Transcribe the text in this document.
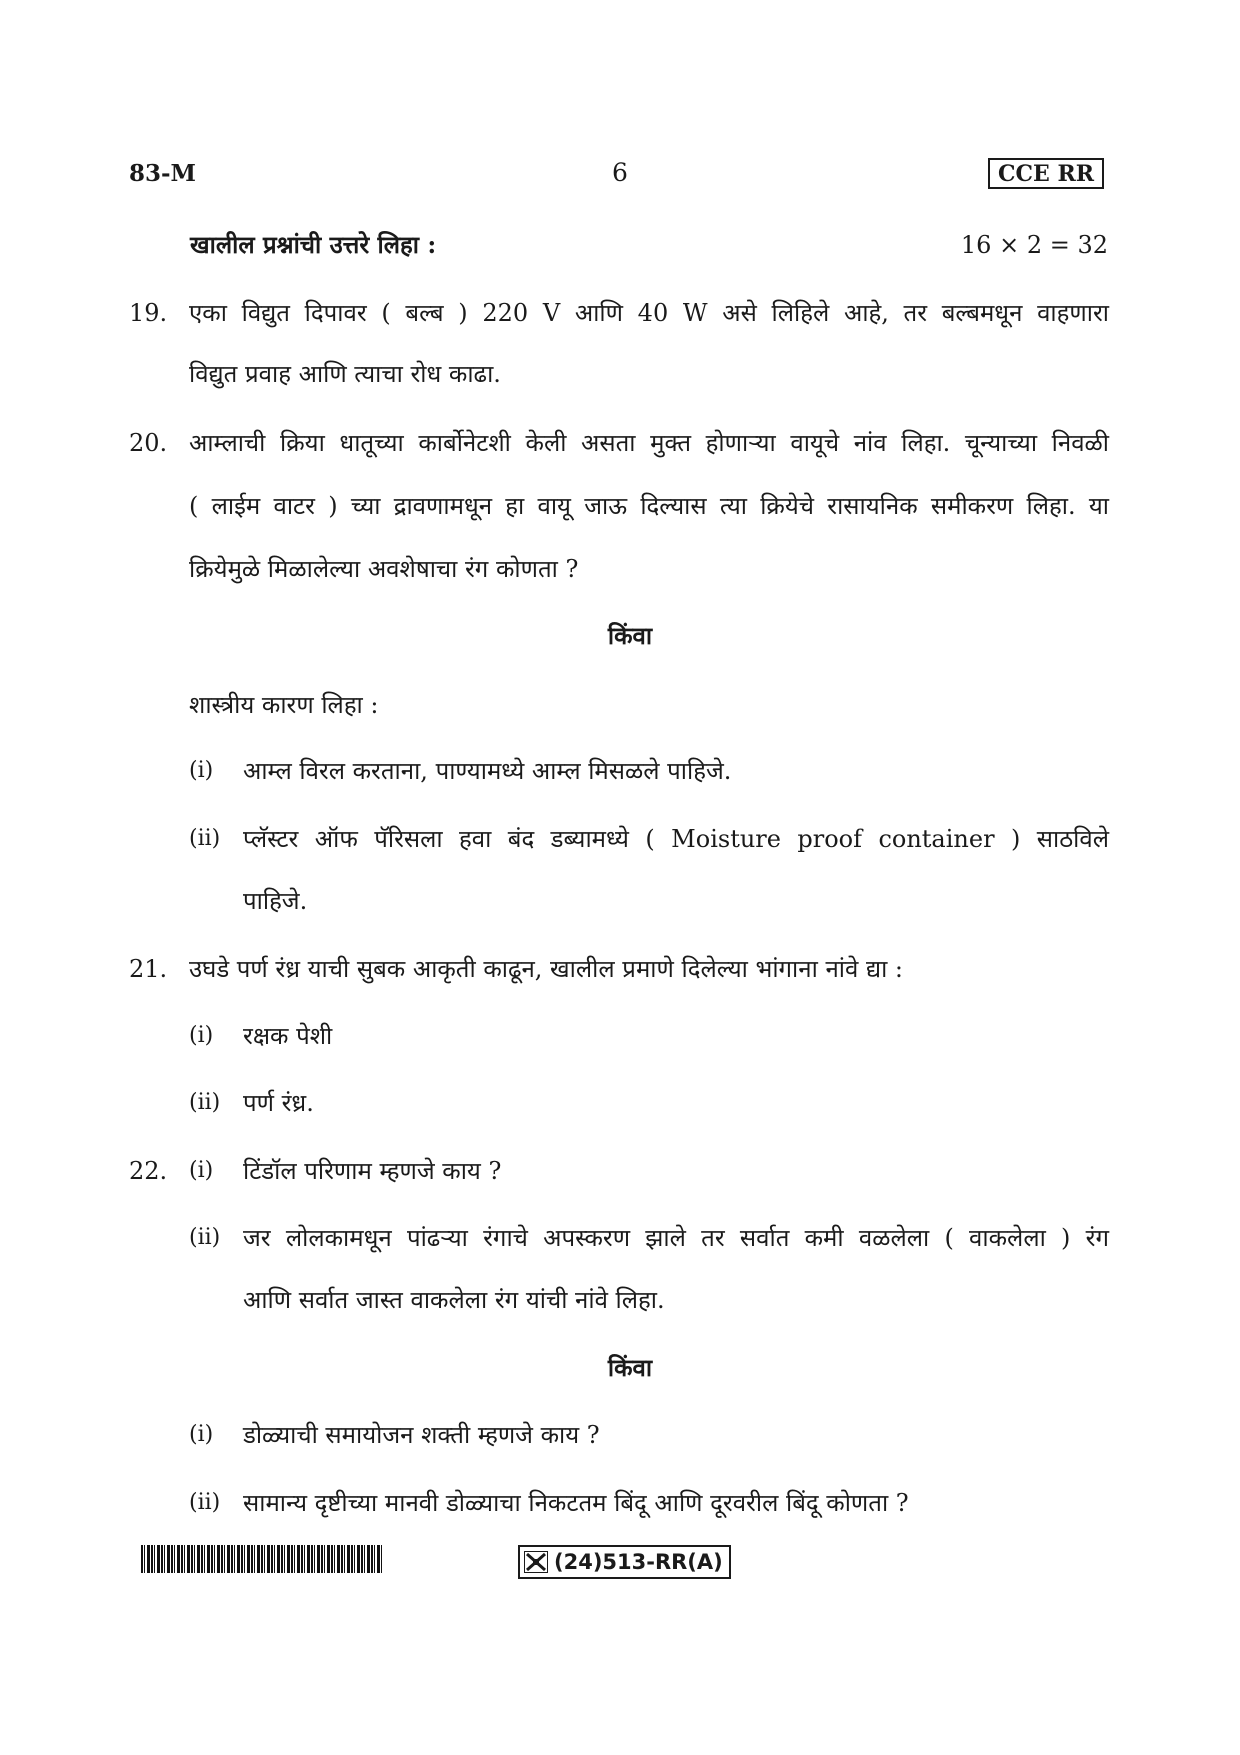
83-M	6	CCE RR
खालील प्रश्नांची उत्तरे लिहा :	16 × 2 = 32
19. एका विद्युत दिपावर ( बल्ब ) 220 V आणि 40 W असे लिहिले आहे, तर बल्बमधून वाहणारा
विद्युत प्रवाह आणि त्याचा रोध काढा.
20. आम्लाची क्रिया धातूच्या कार्बोनेटशी केली असता मुक्त होणाऱ्या वायूचे नांव लिहा. चून्याच्या निवळी
( लाईम वाटर ) च्या द्रावणामधून हा वायू जाऊ दिल्यास त्या क्रियेचे रासायनिक समीकरण लिहा. या
क्रियेमुळे मिळालेल्या अवशेषाचा रंग कोणता ?
किंवा
शास्त्रीय कारण लिहा :
(i) आम्ल विरल करताना, पाण्यामध्ये आम्ल मिसळले पाहिजे.
(ii) प्लॅस्टर ऑफ पॅरिसला हवा बंद डब्यामध्ये ( Moisture proof container ) साठविले
पाहिजे.
21. उघडे पर्ण रंध्र याची सुबक आकृती काढून, खालील प्रमाणे दिलेल्या भांगाना नांवे द्या :
(i) रक्षक पेशी
(ii) पर्ण रंध्र.
22. (i) टिंडॉल परिणाम म्हणजे काय ?
(ii) जर लोलकामधून पांढऱ्या रंगाचे अपस्करण झाले तर सर्वात कमी वळलेला ( वाकलेला ) रंग
आणि सर्वात जास्त वाकलेला रंग यांची नांवे लिहा.
किंवा
(i) डोळ्याची समायोजन शक्ती म्हणजे काय ?
(ii) सामान्य दृष्टीच्या मानवी डोळ्याचा निकटतम बिंदू आणि दूरवरील बिंदू कोणता ?
(24)513-RR(A)
